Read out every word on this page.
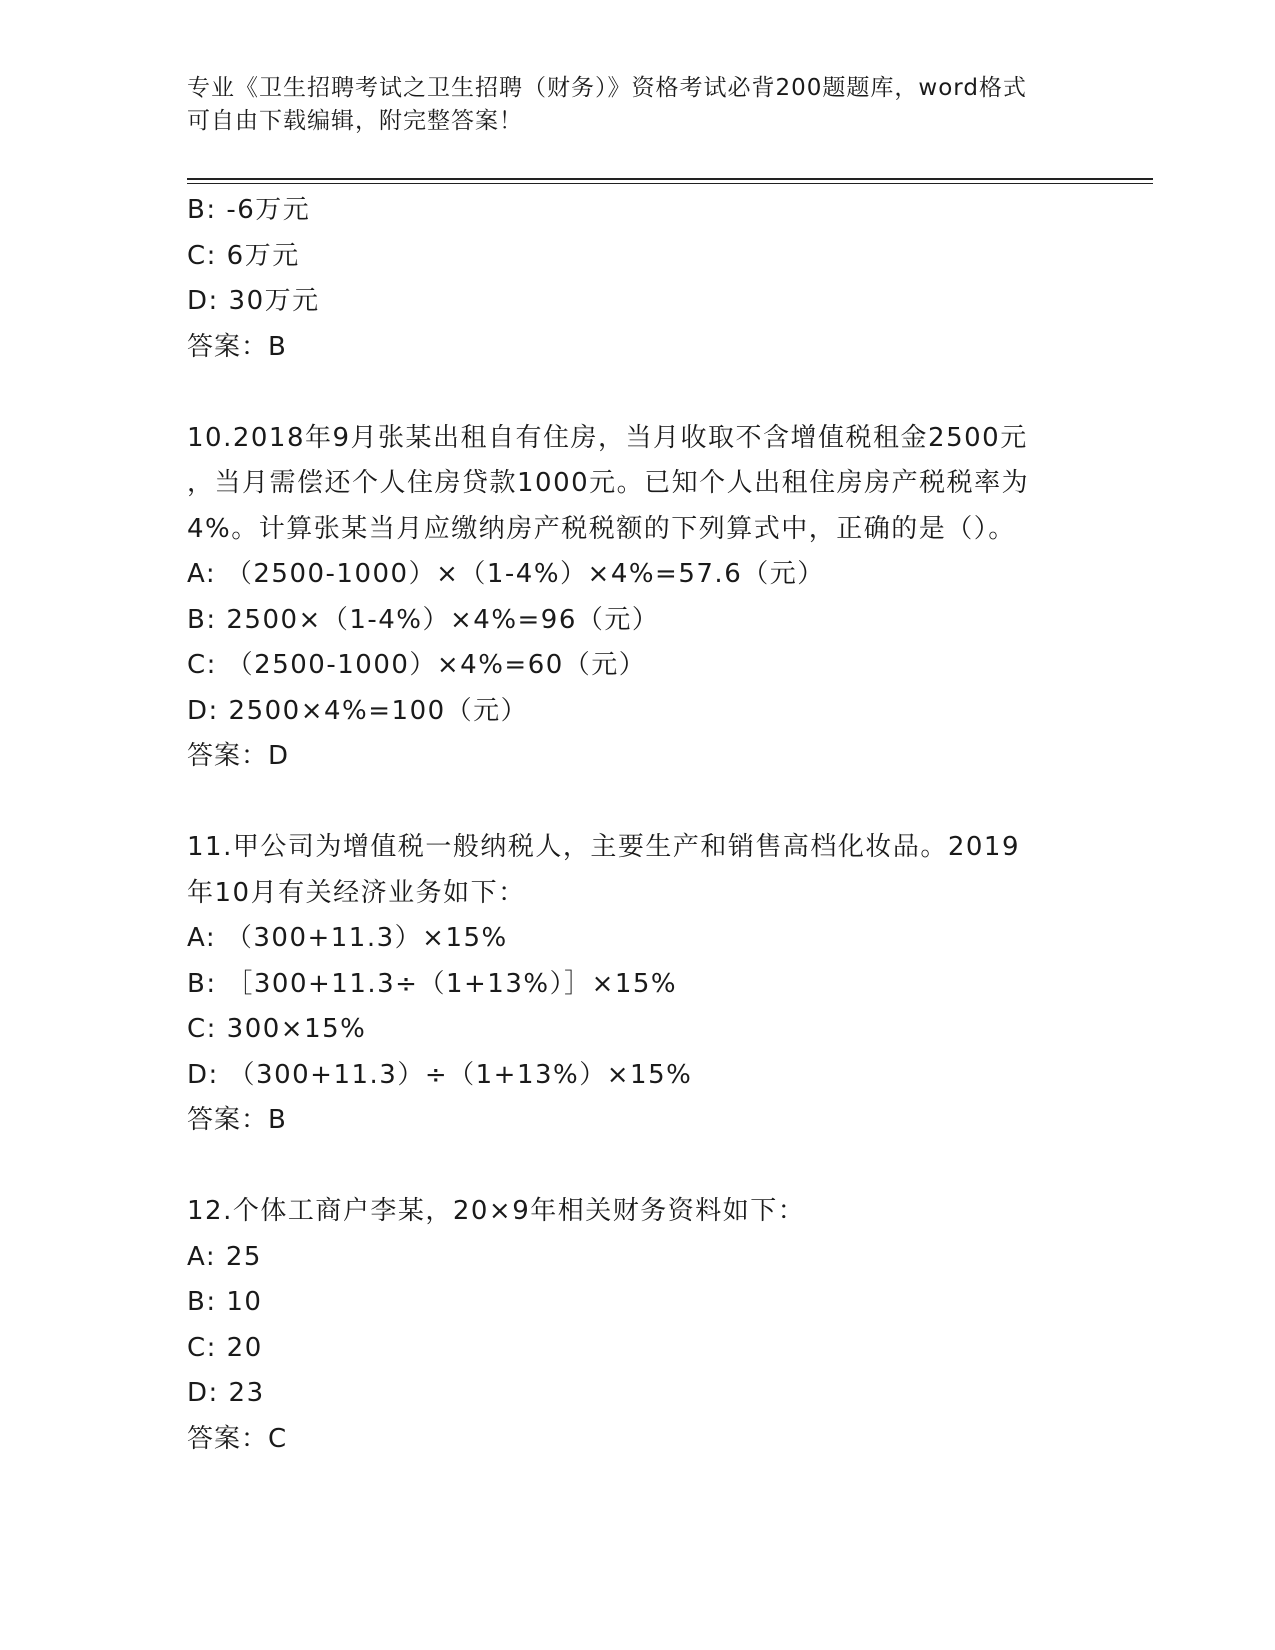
专业《卫生招聘考试之卫生招聘（财务）》资格考试必背200题题库，word格式
可自由下载编辑，附完整答案！
B: -6万元
C: 6万元
D: 30万元
答案：B
10.2018年9月张某出租自有住房，当月收取不含增值税租金2500元
，当月需偿还个人住房贷款1000元。已知个人出租住房房产税税率为
4%。计算张某当月应缴纳房产税税额的下列算式中，正确的是（）。
A: （2500-1000）×（1-4%）×4%=57.6（元）
B: 2500×（1-4%）×4%=96（元）
C: （2500-1000）×4%=60（元）
D: 2500×4%=100（元）
答案：D
11.甲公司为增值税一般纳税人，主要生产和销售高档化妆品。2019
年10月有关经济业务如下：
A: （300+11.3）×15%
B: ［300+11.3÷（1+13%）］×15%
C: 300×15%
D: （300+11.3）÷（1+13%）×15%
答案：B
12.个体工商户李某，20×9年相关财务资料如下：
A: 25
B: 10
C: 20
D: 23
答案：C
